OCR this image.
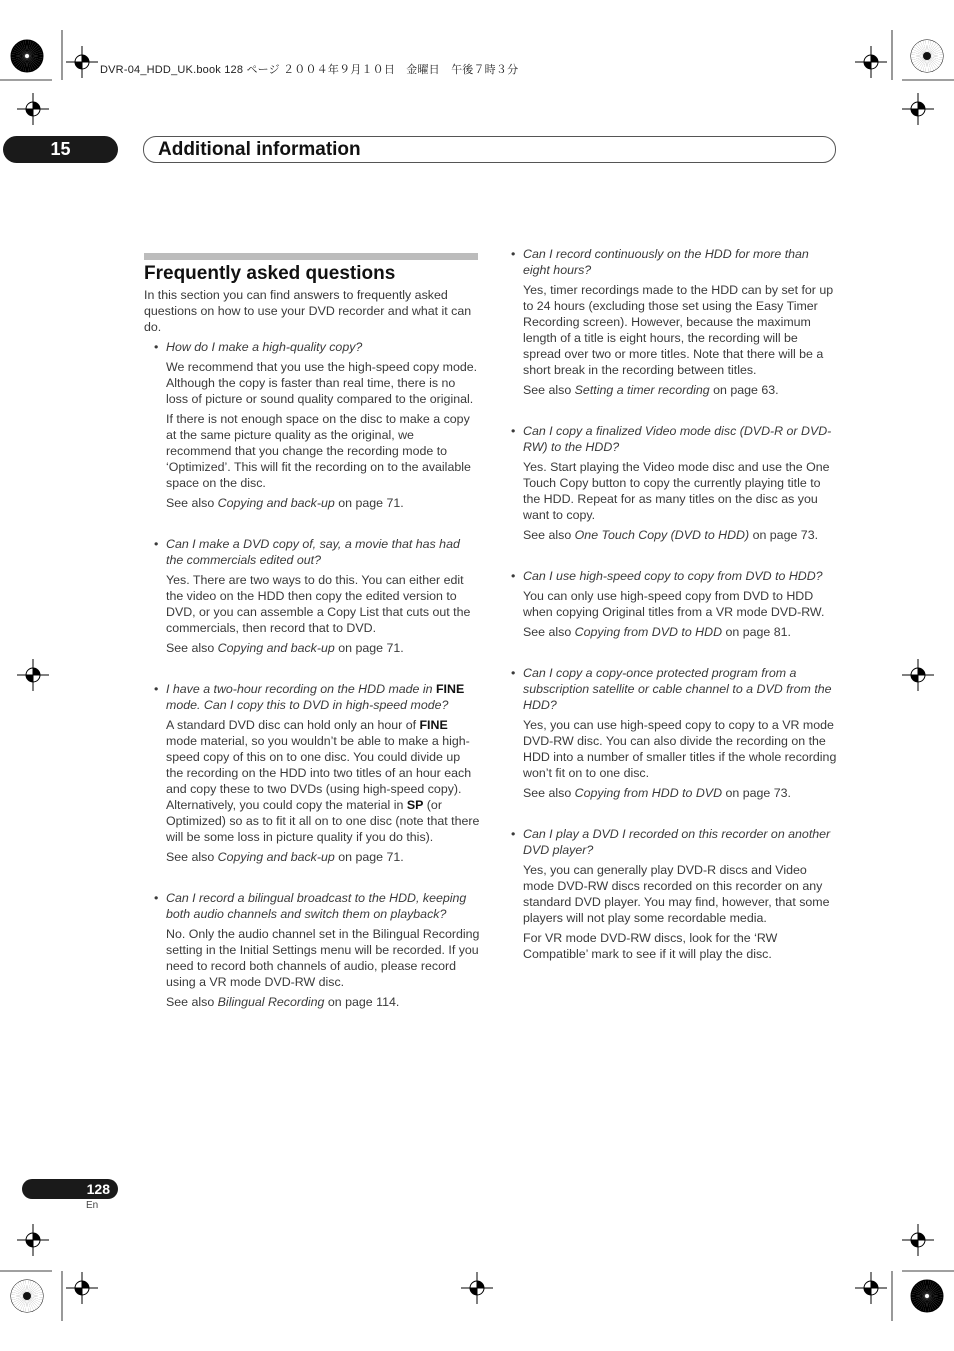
DVR-04_HDD_UK.book 128 ページ ２００４年９月１０日　金曜日　午後７時３分
15	Additional information
Frequently asked questions
In this section you can find answers to frequently asked questions on how to use your DVD recorder and what it can do.

• How do I make a high-quality copy?

We recommend that you use the high-speed copy mode. Although the copy is faster than real time, there is no loss of picture or sound quality compared to the original.

If there is not enough space on the disc to make a copy at the same picture quality as the original, we recommend that you change the recording mode to ‘Optimized’. This will fit the recording on to the available space on the disc.

See also Copying and back-up on page 71.

• Can I make a DVD copy of, say, a movie that has had the commercials edited out?

Yes. There are two ways to do this. You can either edit the video on the HDD then copy the edited version to DVD, or you can assemble a Copy List that cuts out the commercials, then record that to DVD.

See also Copying and back-up on page 71.

• I have a two-hour recording on the HDD made in FINE mode. Can I copy this to DVD in high-speed mode?

A standard DVD disc can hold only an hour of FINE mode material, so you wouldn’t be able to make a high-speed copy of this on to one disc. You could divide up the recording on the HDD into two titles of an hour each and copy these to two DVDs (using high-speed copy). Alternatively, you could copy the material in SP (or Optimized) so as to fit it all on to one disc (note that there will be some loss in picture quality if you do this).

See also Copying and back-up on page 71.

• Can I record a bilingual broadcast to the HDD, keeping both audio channels and switch them on playback?

No. Only the audio channel set in the Bilingual Recording setting in the Initial Settings menu will be recorded. If you need to record both channels of audio, please record using a VR mode DVD-RW disc.

See also Bilingual Recording on page 114.

• Can I record continuously on the HDD for more than eight hours?

Yes, timer recordings made to the HDD can by set for up to 24 hours (excluding those set using the Easy Timer Recording screen). However, because the maximum length of a title is eight hours, the recording will be spread over two or more titles. Note that there will be a short break in the recording between titles.

See also Setting a timer recording on page 63.

• Can I copy a finalized Video mode disc (DVD-R or DVD-RW) to the HDD?

Yes. Start playing the Video mode disc and use the One Touch Copy button to copy the currently playing title to the HDD. Repeat for as many titles on the disc as you want to copy.

See also One Touch Copy (DVD to HDD) on page 73.

• Can I use high-speed copy to copy from DVD to HDD?

You can only use high-speed copy from DVD to HDD when copying Original titles from a VR mode DVD-RW.

See also Copying from DVD to HDD on page 81.

• Can I copy a copy-once protected program from a subscription satellite or cable channel to a DVD from the HDD?

Yes, you can use high-speed copy to copy to a VR mode DVD-RW disc. You can also divide the recording on the HDD into a number of smaller titles if the whole recording won’t fit on to one disc.

See also Copying from HDD to DVD on page 73.

• Can I play a DVD I recorded on this recorder on another DVD player?

Yes, you can generally play DVD-R discs and Video mode DVD-RW discs recorded on this recorder on any standard DVD player. You may find, however, that some players will not play some recordable media.

For VR mode DVD-RW discs, look for the ‘RW Compatible’ mark to see if it will play the disc.

128
En
